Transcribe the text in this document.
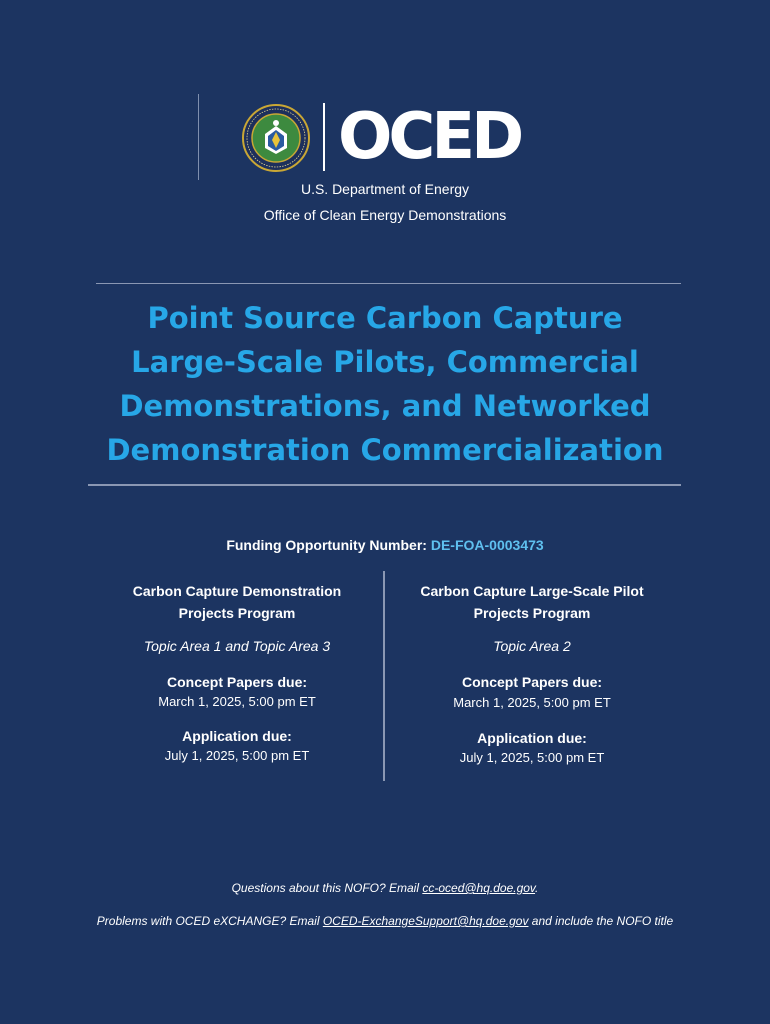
OCED
U.S. Department of Energy
Office of Clean Energy Demonstrations
Point Source Carbon Capture
Large-Scale Pilots, Commercial
Demonstrations, and Networked
Demonstration Commercialization
Funding Opportunity Number: DE-FOA-0003473
Carbon Capture Demonstration
Projects Program
Topic Area 1 and Topic Area 3
Concept Papers due:
March 1, 2025, 5:00 pm ET
Application due:
July 1, 2025, 5:00 pm ET
Carbon Capture Large-Scale Pilot
Projects Program
Topic Area 2
Concept Papers due:
March 1, 2025, 5:00 pm ET
Application due:
July 1, 2025, 5:00 pm ET
Questions about this NOFO? Email cc-oced@hq.doe.gov.
Problems with OCED eXCHANGE? Email OCED-ExchangeSupport@hq.doe.gov and include the NOFO title
